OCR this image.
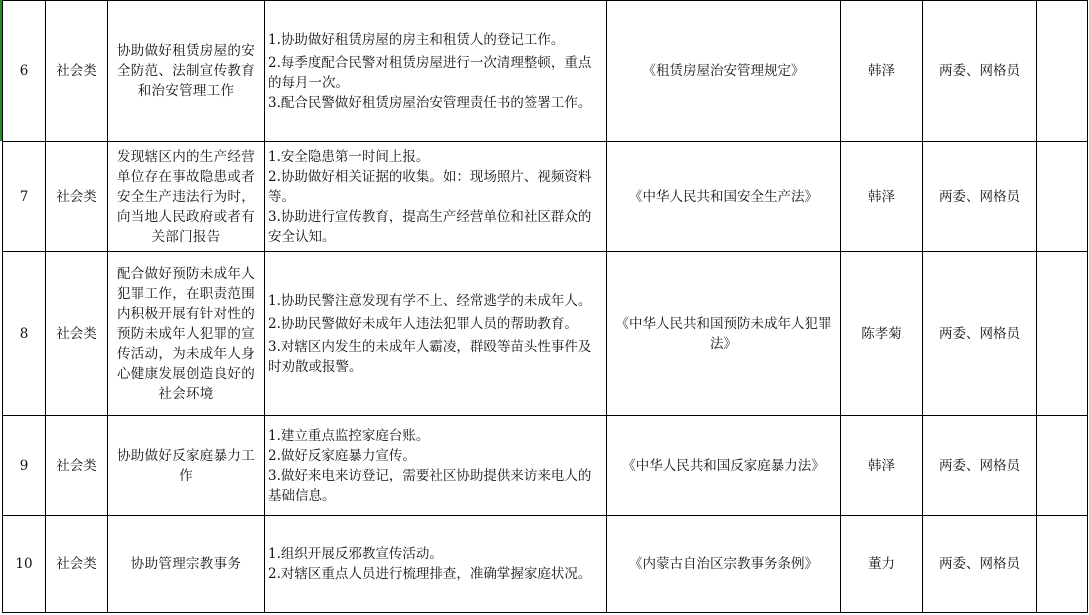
6	社会类	协助做好租赁房屋的安全防范、法制宣传教育和治安管理工作	1.协助做好租赁房屋的房主和租赁人的登记工作。
2.每季度配合民警对租赁房屋进行一次清理整顿，重点的每月一次。
3.配合民警做好租赁房屋治安管理责任书的签署工作。	《租赁房屋治安管理规定》	韩泽	两委、网格员	
7	社会类	发现辖区内的生产经营单位存在事故隐患或者安全生产违法行为时，向当地人民政府或者有关部门报告	1.安全隐患第一时间上报。
2.协助做好相关证据的收集。如：现场照片、视频资料等。
3.协助进行宣传教育，提高生产经营单位和社区群众的安全认知。	《中华人民共和国安全生产法》	韩泽	两委、网格员	
8	社会类	配合做好预防未成年人犯罪工作，在职责范围内积极开展有针对性的预防未成年人犯罪的宣传活动，为未成年人身心健康发展创造良好的社会环境	1.协助民警注意发现有学不上、经常逃学的未成年人。
2.协助民警做好未成年人违法犯罪人员的帮助教育。
3.对辖区内发生的未成年人霸凌，群殴等苗头性事件及时劝散或报警。	《中华人民共和国预防未成年人犯罪法》	陈孝菊	两委、网格员	
9	社会类	协助做好反家庭暴力工作	1.建立重点监控家庭台账。
2.做好反家庭暴力宣传。
3.做好来电来访登记，需要社区协助提供来访来电人的基础信息。	《中华人民共和国反家庭暴力法》	韩泽	两委、网格员	
10	社会类	协助管理宗教事务	1.组织开展反邪教宣传活动。
2.对辖区重点人员进行梳理排查，准确掌握家庭状况。	《内蒙古自治区宗教事务条例》	董力	两委、网格员	
